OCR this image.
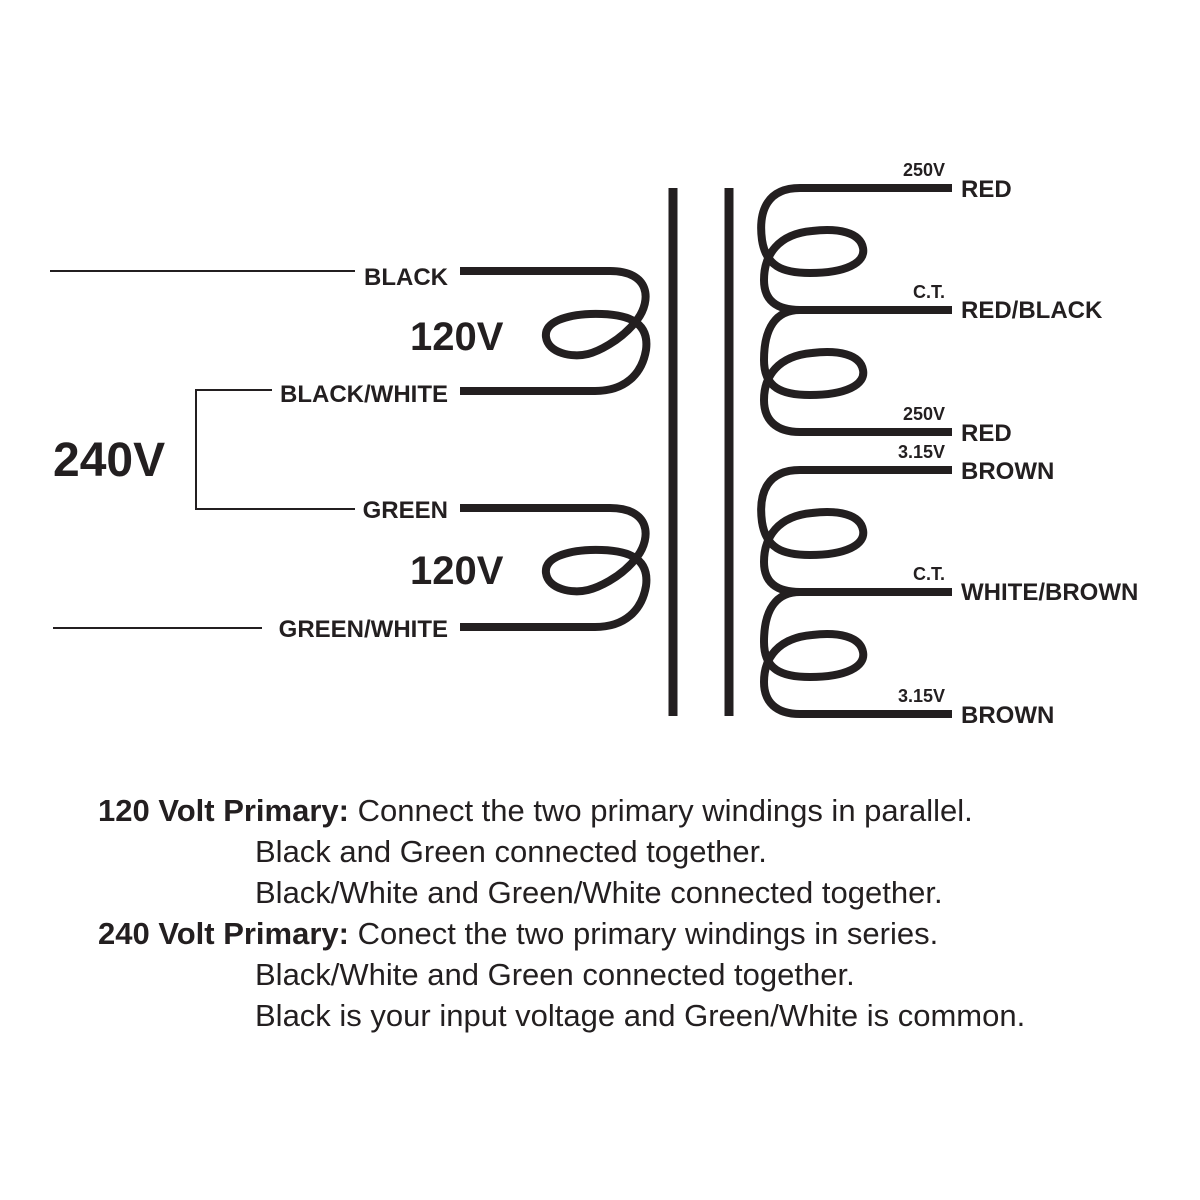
BLACK
120V
BLACK/WHITE
240V
GREEN
120V
GREEN/WHITE
250V
RED
C.T.
RED/BLACK
250V
RED
3.15V
BROWN
C.T.
WHITE/BROWN
3.15V
BROWN
120 Volt Primary: Connect the two primary windings in parallel.
Black and Green connected together.
Black/White and Green/White connected together.
240 Volt Primary: Conect the two primary windings in series.
Black/White and Green connected together.
Black is your input voltage and Green/White is common.
